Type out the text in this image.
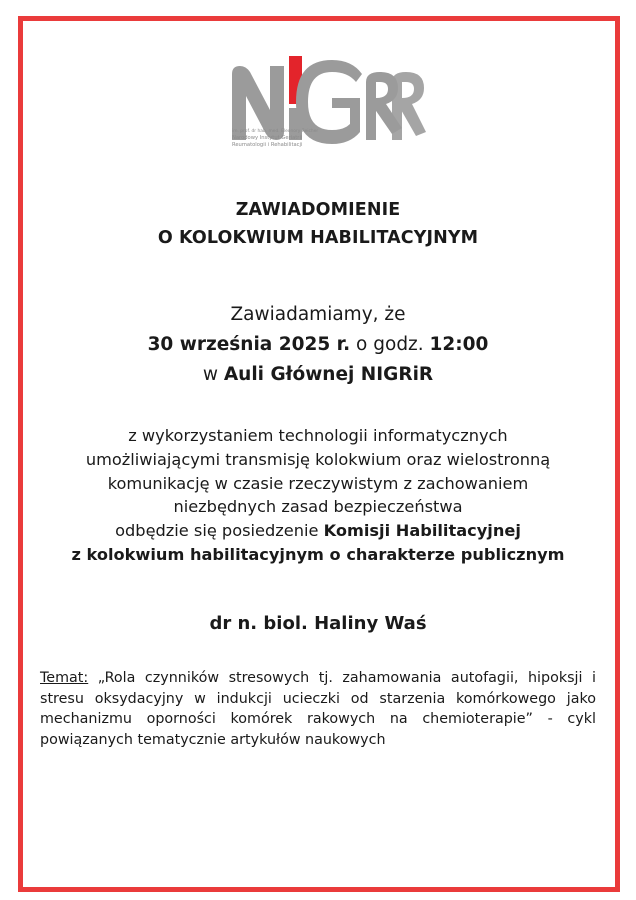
im. prof. dr hab. med. Eleonory Reicher
Narodowy Instytut Geriatrii
Reumatologii i Rehabilitacji
ZAWIADOMIENIE
O KOLOKWIUM HABILITACYJNYM
Zawiadamiamy, że
30 września 2025 r. o godz. 12:00
w Auli Głównej NIGRiR
z wykorzystaniem technologii informatycznych
umożliwiającymi transmisję kolokwium oraz wielostronną
komunikację w czasie rzeczywistym z zachowaniem
niezbędnych zasad bezpieczeństwa
odbędzie się posiedzenie Komisji Habilitacyjnej
z kolokwium habilitacyjnym o charakterze publicznym
dr n. biol. Haliny Waś
Temat: „Rola czynników stresowych tj. zahamowania autofagii, hipoksji i stresu oksydacyjny w indukcji ucieczki od starzenia komórkowego jako mechanizmu oporności komórek rakowych na chemioterapie” - cykl powiązanych tematycznie artykułów naukowych
